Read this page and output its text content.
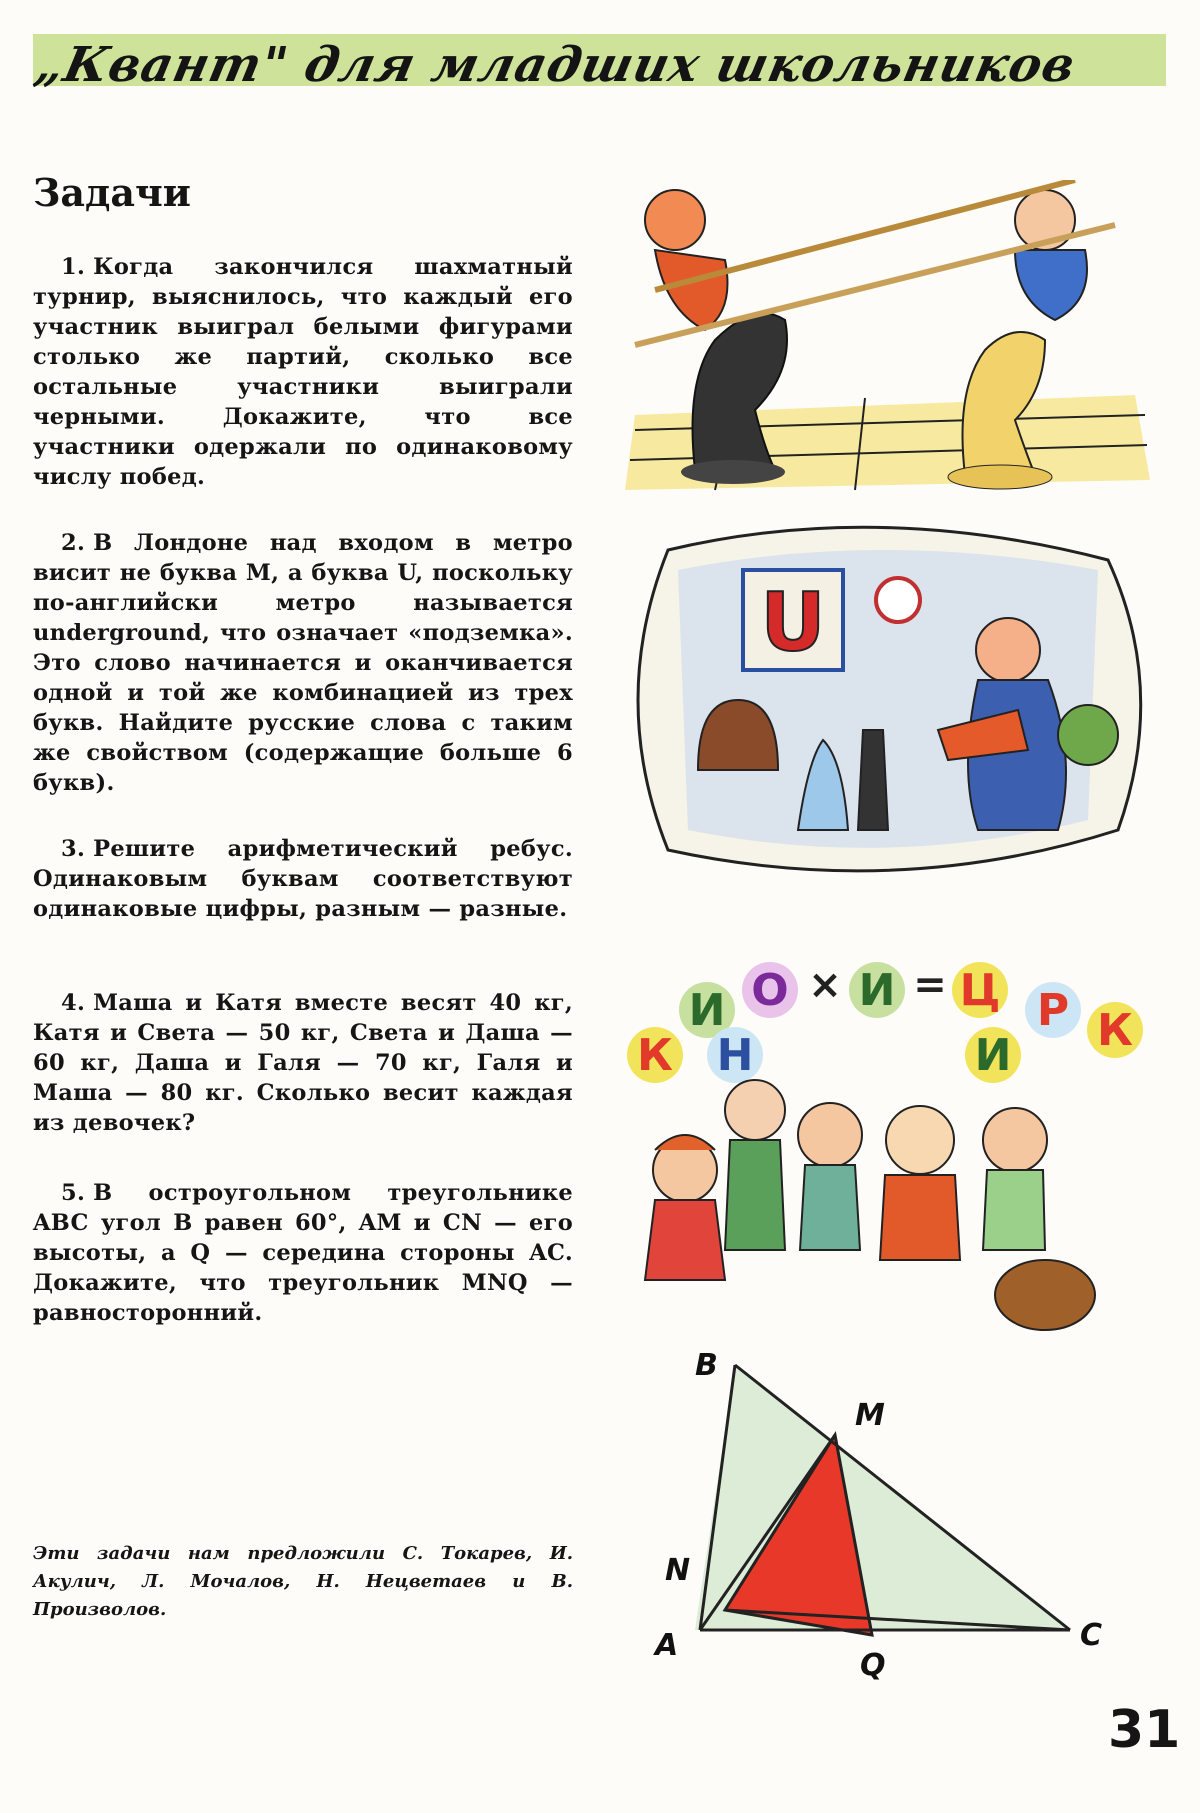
„Квант" для младших школьников
Задачи

1. Когда закончился шахматный турнир, выяснилось, что каждый его участник выиграл белыми фигурами столько же партий, сколько все остальные участники выиграли черными. Докажите, что все участники одержали по одинаковому числу побед.

2. В Лондоне над входом в метро висит не буква M, а буква U, поскольку по-английски метро называется underground, что означает «подземка». Это слово начинается и оканчивается одной и той же комбинацией из трех букв. Найдите русские слова с таким же свойством (содержащие больше 6 букв).

3. Решите арифметический ребус. Одинаковым буквам соответствуют одинаковые цифры, разным — разные.

4. Маша и Катя вместе весят 40 кг, Катя и Света — 50 кг, Света и Даша — 60 кг, Даша и Галя — 70 кг, Галя и Маша — 80 кг. Сколько весит каждая из девочек?

5. В остроугольном треугольнике ABC угол B равен 60°, AM и CN — его высоты, а Q — середина стороны AC. Докажите, что треугольник MNQ — равносторонний.

Эти задачи нам предложили С. Токарев, И. Акулич, Л. Мочалов, Н. Нецветаев и В. Произволов.

31
U
К
И
Н
О × И = Ц
И
Р К
B
M
N
A
Q
C
